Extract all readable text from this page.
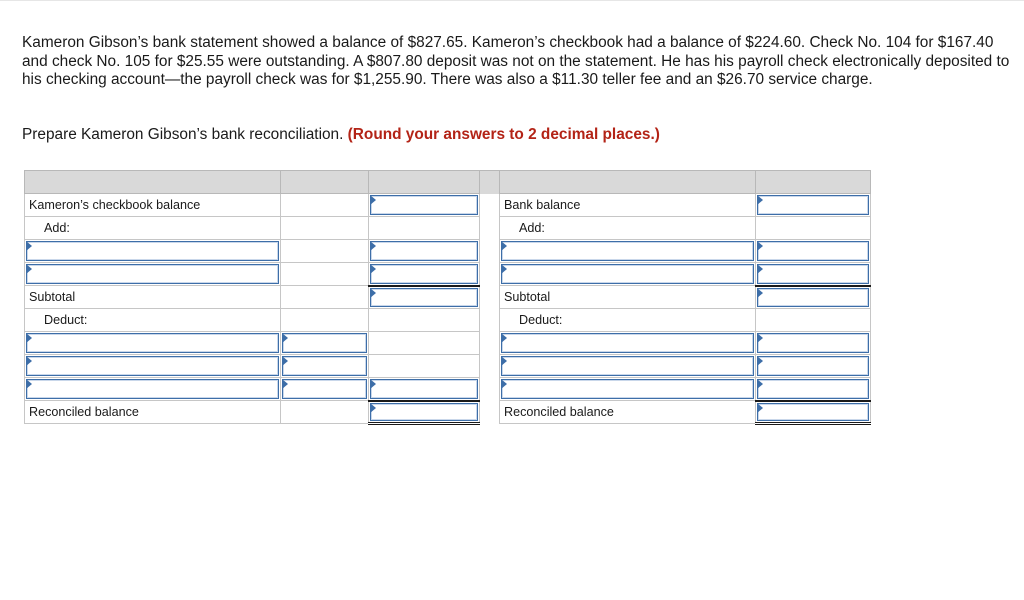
Kameron Gibson’s bank statement showed a balance of $827.65. Kameron’s checkbook had a balance of $224.60. Check No. 104 for $167.40 and check No. 105 for $25.55 were outstanding. A $807.80 deposit was not on the statement. He has his payroll check electronically deposited to his checking account—the payroll check was for $1,255.90. There was also a $11.30 teller fee and an $26.70 service charge.

Prepare Kameron Gibson’s bank reconciliation. (Round your answers to 2 decimal places.)

Kameron’s checkbook balance				Bank balance	

Add:				Add:	

Subtotal				Subtotal	

Deduct:				Deduct:	

Reconciled balance				Reconciled balance	
